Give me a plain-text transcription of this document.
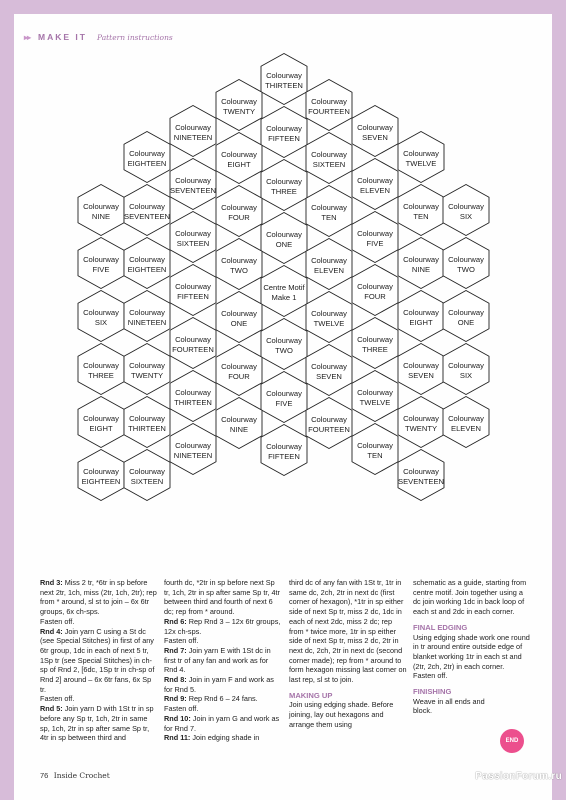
▸▸ MAKE IT Pattern instructions
Colourway
THIRTEEN
Colourway
TWENTY
Colourway
FOURTEEN
Colourway
NINETEEN
Colourway
SEVEN
Colourway
FIFTEEN
Colourway
EIGHTEEN
Colourway
TWELVE
Colourway
EIGHT
Colourway
SIXTEEN
Colourway
SEVENTEEN
Colourway
ELEVEN
Colourway
THREE
Colourway
NINE
Colourway
SEVENTEEN
Colourway
TEN
Colourway
SIX
Colourway
FOUR
Colourway
TEN
Colourway
SIXTEEN
Colourway
FIVE
Colourway
ONE
Colourway
FIVE
Colourway
EIGHTEEN
Colourway
NINE
Colourway
TWO
Colourway
TWO
Colourway
ELEVEN
Colourway
FIFTEEN
Colourway
FOUR
Centre Motif
Make 1
Colourway
SIX
Colourway
NINETEEN
Colourway
EIGHT
Colourway
ONE
Colourway
ONE
Colourway
TWELVE
Colourway
FOURTEEN
Colourway
THREE
Colourway
TWO
Colourway
THREE
Colourway
TWENTY
Colourway
SEVEN
Colourway
SIX
Colourway
FOUR
Colourway
SEVEN
Colourway
THIRTEEN
Colourway
TWELVE
Colourway
FIVE
Colourway
EIGHT
Colourway
THIRTEEN
Colourway
TWENTY
Colourway
ELEVEN
Colourway
NINE
Colourway
FOURTEEN
Colourway
NINETEEN
Colourway
TEN
Colourway
FIFTEEN
Colourway
EIGHTEEN
Colourway
SIXTEEN
Colourway
SEVENTEEN

Rnd 3: Miss 2 tr, *6tr in sp before next 2tr, 1ch, miss (2tr, 1ch, 2tr); rep from * around, sl st to join – 6x 6tr groups, 6x ch-sps.

Fasten off.

Rnd 4: Join yarn C using a St dc (see Special Stitches) in first of any 6tr group, 1dc in each of next 5 tr, 1Sp tr (see Special Stitches) in ch-sp of Rnd 2, [6dc, 1Sp tr in ch-sp of Rnd 2] around – 6x 6tr fans, 6x Sp tr.

Fasten off.

Rnd 5: Join yarn D with 1St tr in sp before any Sp tr, 1ch, 2tr in same sp, 1ch, 2tr in sp after same Sp tr, 4tr in sp between third and

fourth dc, *2tr in sp before next Sp tr, 1ch, 2tr in sp after same Sp tr, 4tr between third and fourth of next 6 dc; rep from * around.

Rnd 6: Rep Rnd 3 – 12x 6tr groups, 12x ch-sps.

Fasten off.

Rnd 7: Join yarn E with 1St dc in first tr of any fan and work as for Rnd 4.

Rnd 8: Join in yarn F and work as for Rnd 5.

Rnd 9: Rep Rnd 6 – 24 fans.

Fasten off.

Rnd 10: Join in yarn G and work as for Rnd 7.

Rnd 11: Join edging shade in

third dc of any fan with 1St tr, 1tr in same dc, 2ch, 2tr in next dc (first corner of hexagon), *1tr in sp either side of next Sp tr, miss 2 dc, 1dc in each of next 2dc, miss 2 dc; rep from * twice more, 1tr in sp either side of next Sp tr, miss 2 dc, 2tr in next dc, 2ch, 2tr in next dc (second corner made); rep from * around to form hexagon missing last corner on last rep, sl st to join.

MAKING UP

Join using edging shade. Before joining, lay out hexagons and arrange them using

schematic as a guide, starting from centre motif. Join together using a dc join working 1dc in back loop of each st and 2dc in each corner.

FINAL EDGING

Using edging shade work one round in tr around entire outside edge of blanket working 1tr in each st and (2tr, 2ch, 2tr) in each corner.

Fasten off.

FINISHING

Weave in all ends and block.

END
76 Inside Crochet	PassionForum.ru
